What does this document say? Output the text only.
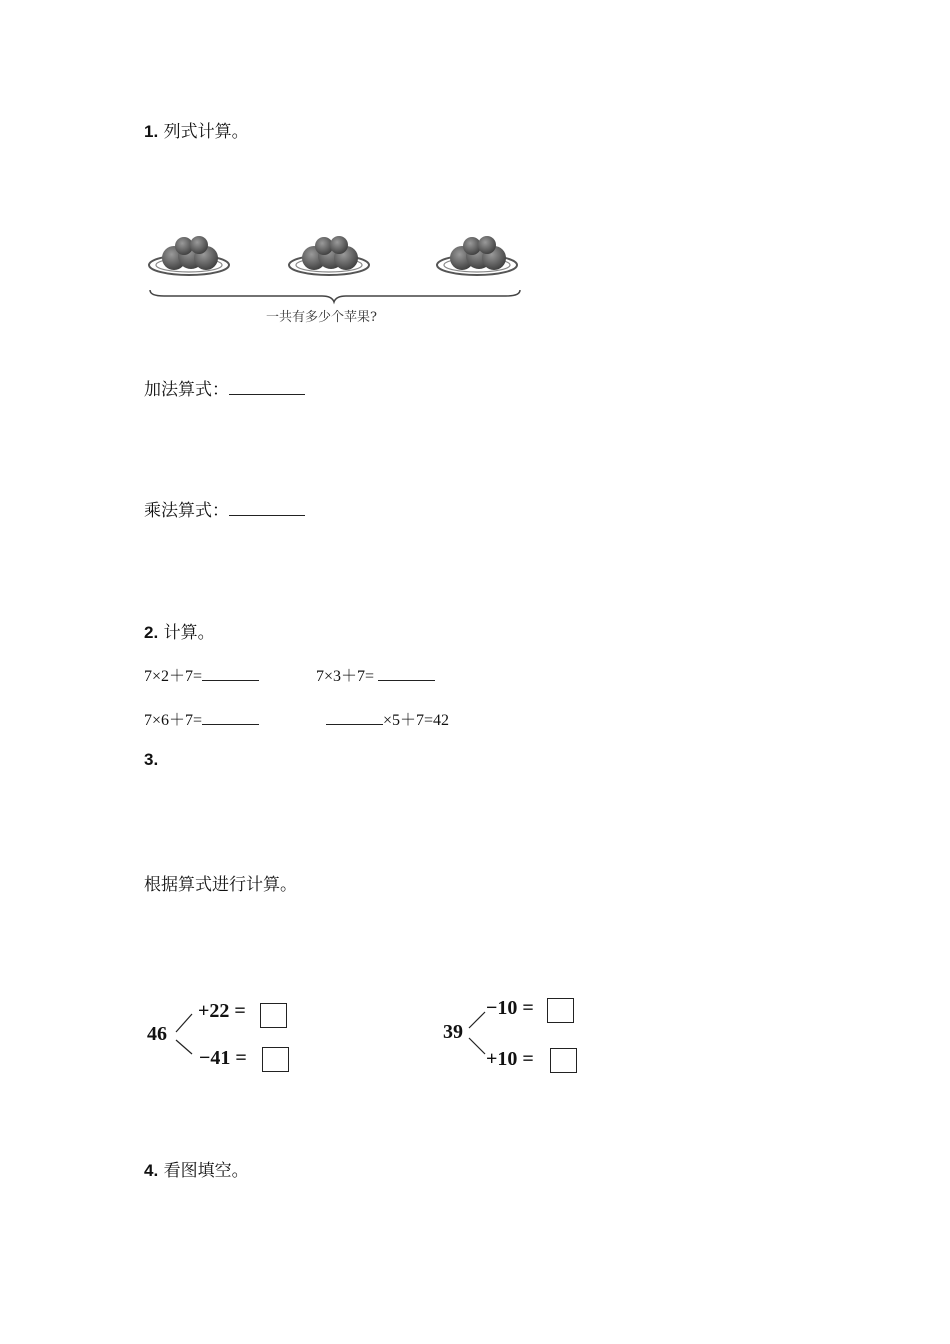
1. 列式计算。
一共有多少个苹果?
加法算式：
乘法算式：
2. 计算。
7×2＋7=	7×3＋7=
7×6＋7=	×5＋7=42
3.
根据算式进行计算。
46
+22 =
−41 =
39
−10 =
+10 =
4. 看图填空。
